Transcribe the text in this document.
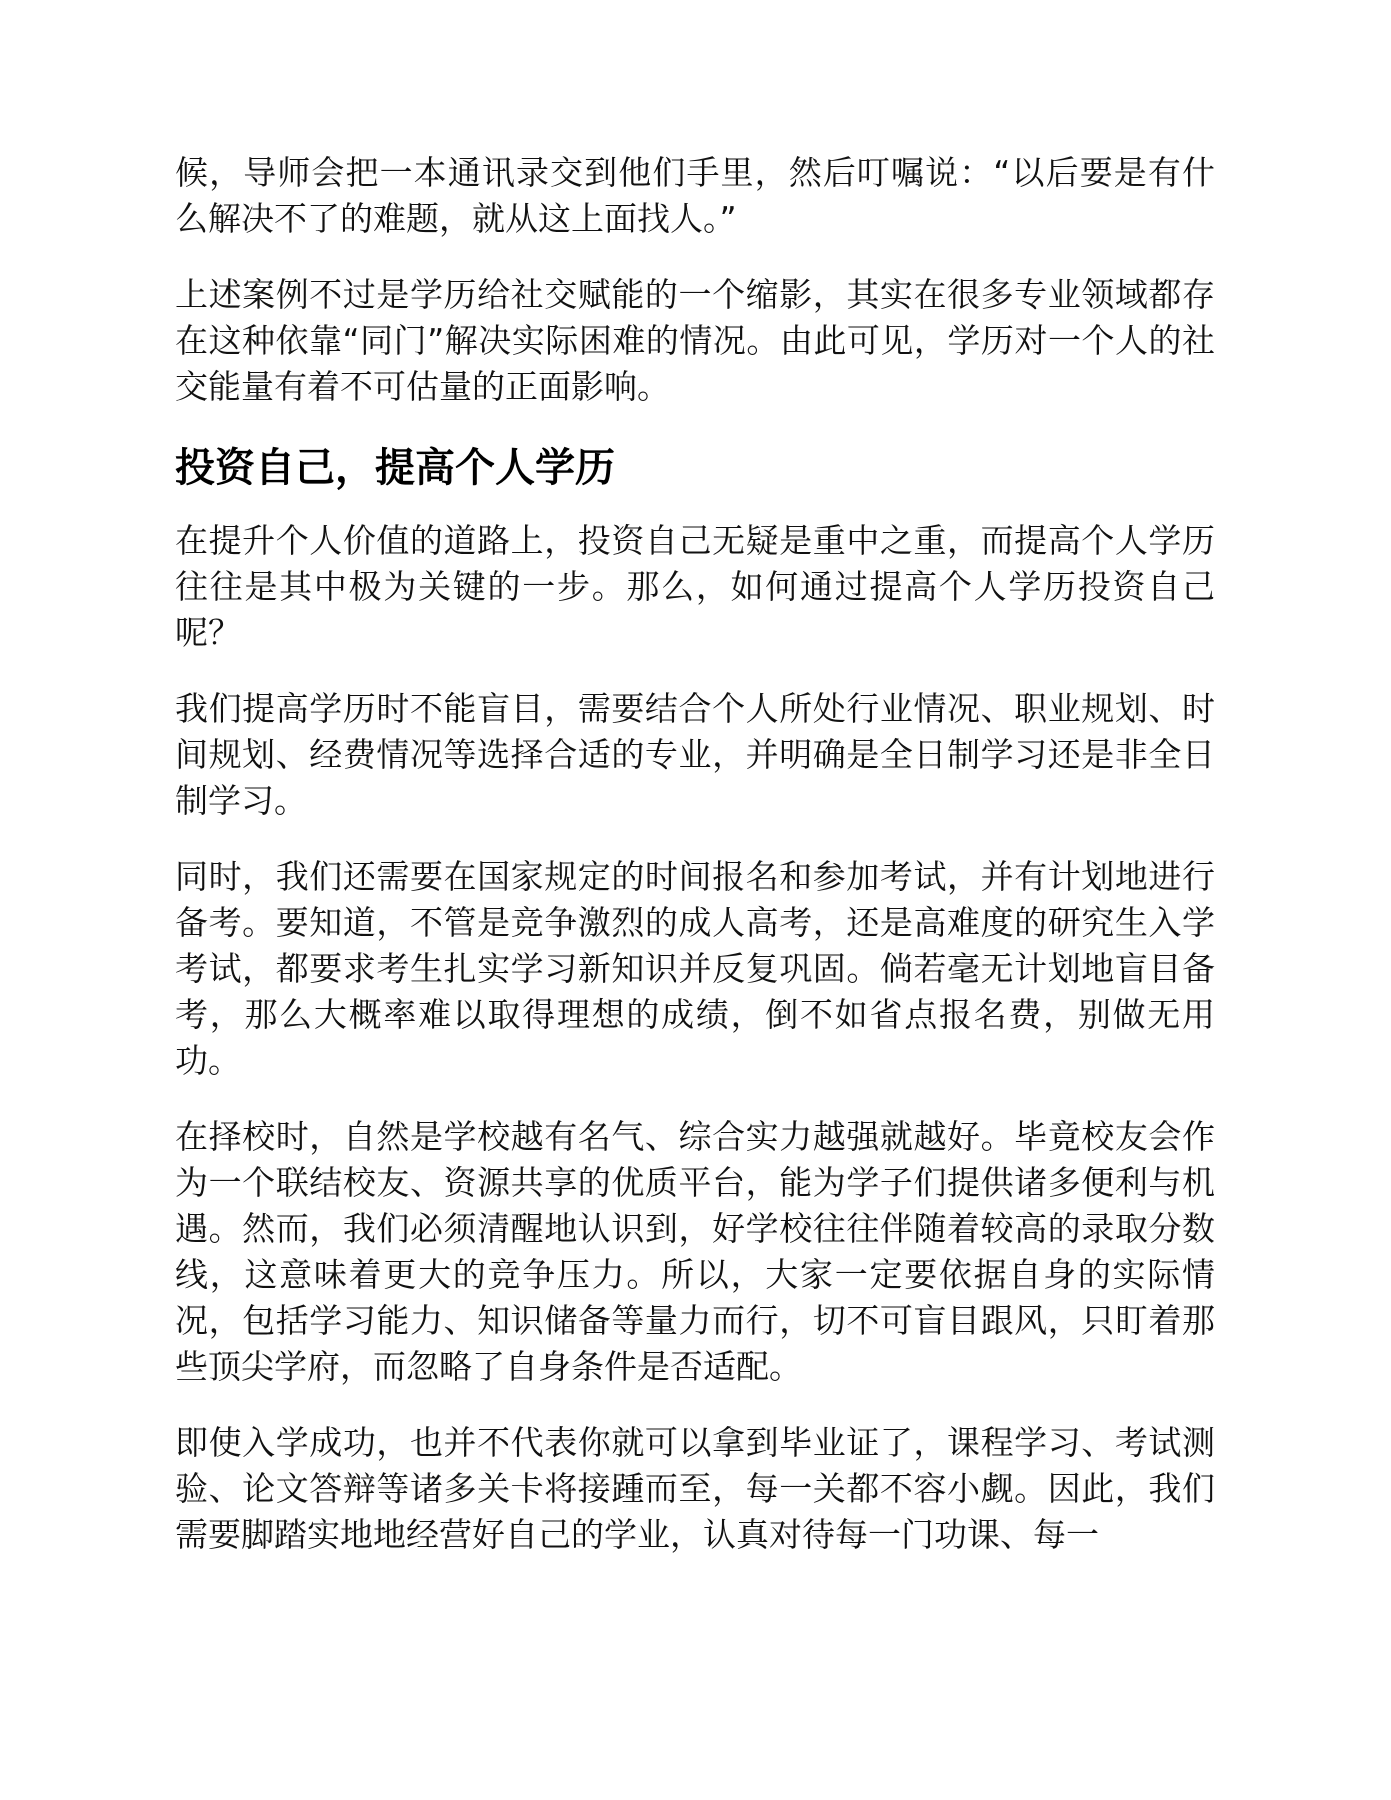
候，导师会把一本通讯录交到他们手里，然后叮嘱说：“以后要是有什么解决不了的难题，就从这上面找人。”

上述案例不过是学历给社交赋能的一个缩影，其实在很多专业领域都存在这种依靠“同门”解决实际困难的情况。由此可见，学历对一个人的社交能量有着不可估量的正面影响。

投资自己，提高个人学历

在提升个人价值的道路上，投资自己无疑是重中之重，而提高个人学历往往是其中极为关键的一步。那么，如何通过提高个人学历投资自己呢？

我们提高学历时不能盲目，需要结合个人所处行业情况、职业规划、时间规划、经费情况等选择合适的专业，并明确是全日制学习还是非全日制学习。

同时，我们还需要在国家规定的时间报名和参加考试，并有计划地进行备考。要知道，不管是竞争激烈的成人高考，还是高难度的研究生入学考试，都要求考生扎实学习新知识并反复巩固。倘若毫无计划地盲目备考，那么大概率难以取得理想的成绩，倒不如省点报名费，别做无用功。

在择校时，自然是学校越有名气、综合实力越强就越好。毕竟校友会作为一个联结校友、资源共享的优质平台，能为学子们提供诸多便利与机遇。然而，我们必须清醒地认识到，好学校往往伴随着较高的录取分数线，这意味着更大的竞争压力。所以，大家一定要依据自身的实际情况，包括学习能力、知识储备等量力而行，切不可盲目跟风，只盯着那些顶尖学府，而忽略了自身条件是否适配。

即使入学成功，也并不代表你就可以拿到毕业证了，课程学习、考试测验、论文答辩等诸多关卡将接踵而至，每一关都不容小觑。因此，我们需要脚踏实地地经营好自己的学业，认真对待每一门功课、每一
